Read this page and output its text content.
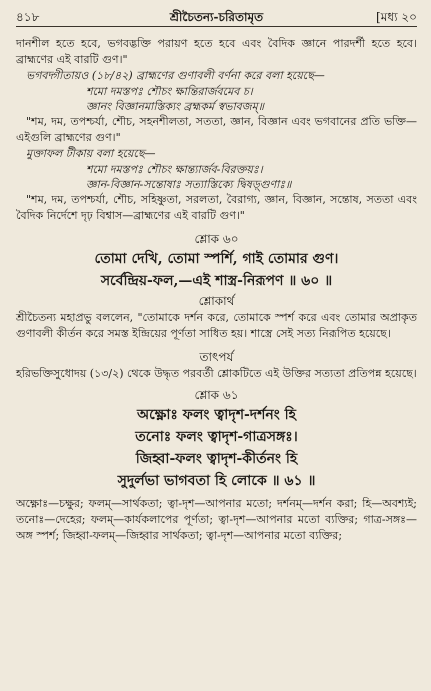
৪১৮	শ্রীচৈতন্য-চরিতামৃত	[মধ্য ২০

দানশীল হতে হবে, ভগবদ্ভক্তি পরায়ণ হতে হবে এবং বৈদিক জ্ঞানে পারদর্শী হতে হবে। ব্রাহ্মণের এই বারটি গুণ।"

ভগবদ্গীতায়ও (১৮/৪২) ব্রাহ্মণের গুণাবলী বর্ণনা করে বলা হয়েছে—

শমো দমস্তপঃ শৌচং ক্ষান্তিরার্জবমেব চ।

জ্ঞানং বিজ্ঞানমাস্তিক্যং ব্রহ্মকর্ম স্বভাবজম্‌॥

"শম, দম, তপশ্চর্যা, শৌচ, সহনশীলতা, সততা, জ্ঞান, বিজ্ঞান এবং ভগবানের প্রতি ভক্তি—এইগুলি ব্রাহ্মণের গুণ।"

মুক্তাফল টীকায় বলা হয়েছে—

শমো দমস্তপঃ শৌচং ক্ষান্ত্যার্জব-বিরক্তয়ঃ।

জ্ঞান-বিজ্ঞান-সন্তোষাঃ সত্যাস্তিক্যে দ্বিষড়্‌গুণাঃ॥

"শম, দম, তপশ্চর্যা, শৌচ, সহিষ্ণুতা, সরলতা, বৈরাগ্য, জ্ঞান, বিজ্ঞান, সন্তোষ, সততা এবং বৈদিক নির্দেশে দৃঢ় বিশ্বাস—ব্রাহ্মণের এই বারটি গুণ।"

শ্লোক ৬০

তোমা দেখি, তোমা স্পর্শি, গাই তোমার গুণ।

সর্বেন্দ্রিয়-ফল,—এই শাস্ত্র-নিরূপণ ॥ ৬০ ॥

শ্লোকার্থ

শ্রীচৈতন্য মহাপ্রভু বললেন, "তোমাকে দর্শন করে, তোমাকে স্পর্শ করে এবং তোমার অপ্রাকৃত গুণাবলী কীর্তন করে সমস্ত ইন্দ্রিয়ের পূর্ণতা সাধিত হয়। শাস্ত্রে সেই সত্য নিরূপিত হয়েছে।

তাৎপর্য

হরিভক্তিসুধোদয় (১৩/২) থেকে উদ্ধৃত পরবর্তী শ্লোকটিতে এই উক্তির সত্যতা প্রতিপন্ন হয়েছে।

শ্লোক ৬১

অক্ষ্ণোঃ ফলং ত্বাদৃশ-দর্শনং হি

তনোঃ ফলং ত্বাদৃশ-গাত্রসঙ্গঃ।

জিহ্বা-ফলং ত্বাদৃশ-কীর্তনং হি

সুদুর্লভা ভাগবতা হি লোকে ॥ ৬১ ॥

অক্ষ্ণোঃ—চক্ষুর; ফলম্‌—সার্থকতা; ত্বা-দৃশ—আপনার মতো; দর্শনম্‌—দর্শন করা; হি—অবশ্যই; তনোঃ—দেহের; ফলম্‌—কার্যকলাপের পূর্ণতা; ত্বা-দৃশ—আপনার মতো ব্যক্তির; গাত্র-সঙ্গঃ—অঙ্গ স্পর্শ; জিহ্বা-ফলম্‌—জিহ্বার সার্থকতা; ত্বা-দৃশ—আপনার মতো ব্যক্তির;
